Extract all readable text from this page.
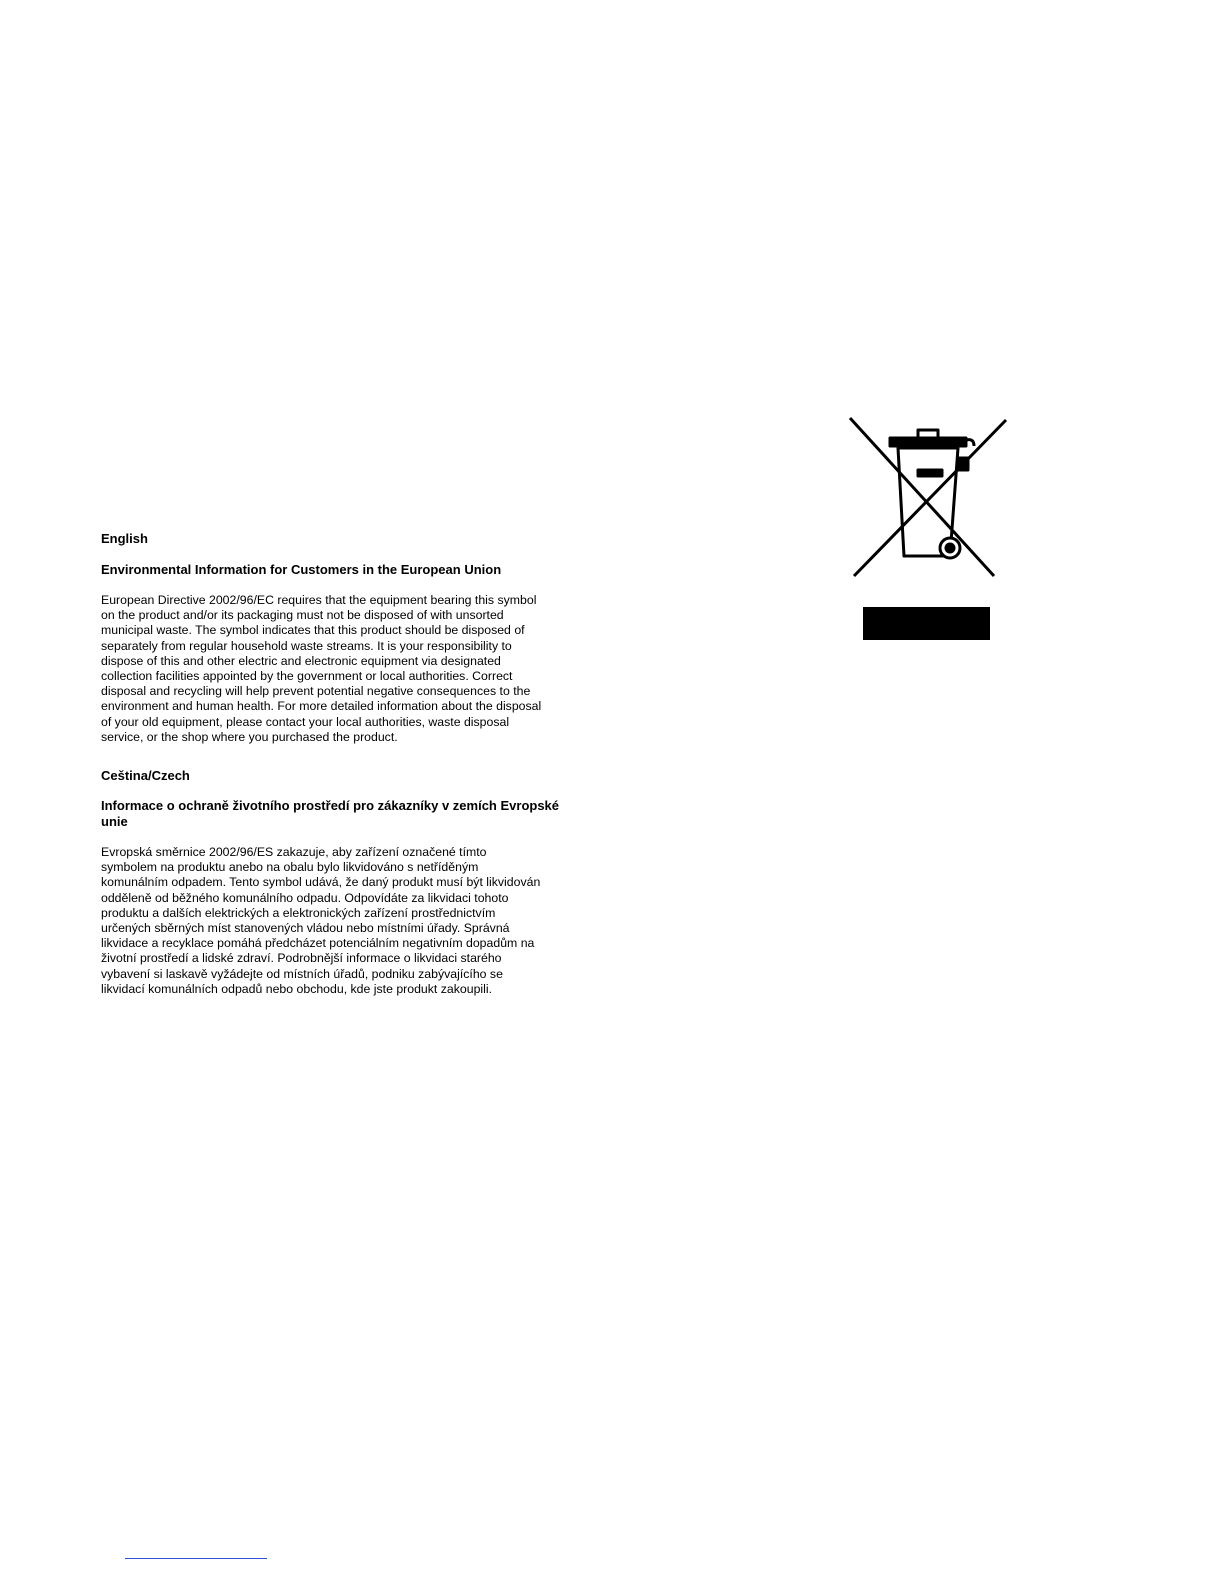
English
Environmental Information for Customers in the European Union
European Directive 2002/96/EC requires that the equipment bearing this symbol
on the product and/or its packaging must not be disposed of with unsorted
municipal waste. The symbol indicates that this product should be disposed of
separately from regular household waste streams. It is your responsibility to
dispose of this and other electric and electronic equipment via designated
collection facilities appointed by the government or local authorities. Correct
disposal and recycling will help prevent potential negative consequences to the
environment and human health. For more detailed information about the disposal
of your old equipment, please contact your local authorities, waste disposal
service, or the shop where you purchased the product.
Ceština/Czech
Informace o ochraně životního prostředí pro zákazníky v zemích Evropské unie
Evropská směrnice 2002/96/ES zakazuje, aby zařízení označené tímto
symbolem na produktu anebo na obalu bylo likvidováno s netříděným
komunálním odpadem. Tento symbol udává, že daný produkt musí být likvidován
odděleně od běžného komunálního odpadu. Odpovídáte za likvidaci tohoto
produktu a dalších elektrických a elektronických zařízení prostřednictvím
určených sběrných míst stanovených vládou nebo místními úřady. Správná
likvidace a recyklace pomáhá předcházet potenciálním negativním dopadům na
životní prostředí a lidské zdraví. Podrobnější informace o likvidaci starého
vybavení si laskavě vyžádejte od místních úřadů, podniku zabývajícího se
likvidací komunálních odpadů nebo obchodu, kde jste produkt zakoupili.
